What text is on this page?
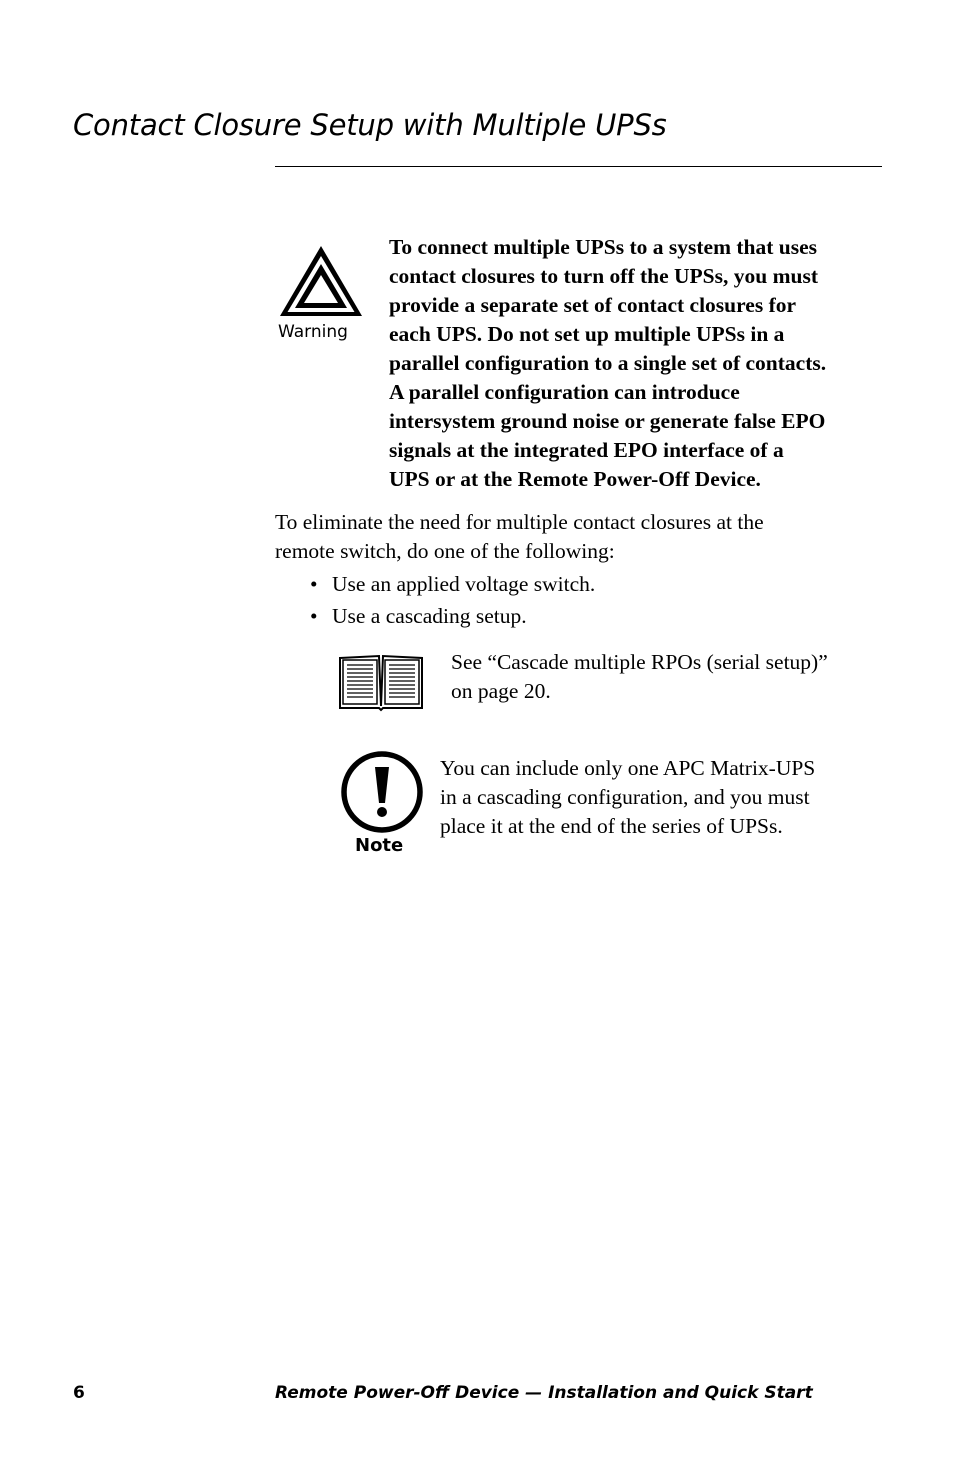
Contact Closure Setup with Multiple UPSs
Warning

To connect multiple UPSs to a system that uses
contact closures to turn off the UPSs, you must
provide a separate set of contact closures for
each UPS. Do not set up multiple UPSs in a
parallel configuration to a single set of contacts.
A parallel configuration can introduce
intersystem ground noise or generate false EPO
signals at the integrated EPO interface of a
UPS or at the Remote Power-Off Device.

To eliminate the need for multiple contact closures at the
remote switch, do one of the following:

• Use an applied voltage switch.
• Use a cascading setup.

See “Cascade multiple RPOs (serial setup)”
on page 20.

Note

You can include only one APC Matrix-UPS
in a cascading configuration, and you must
place it at the end of the series of UPSs.

6	Remote Power-Off Device — Installation and Quick Start
